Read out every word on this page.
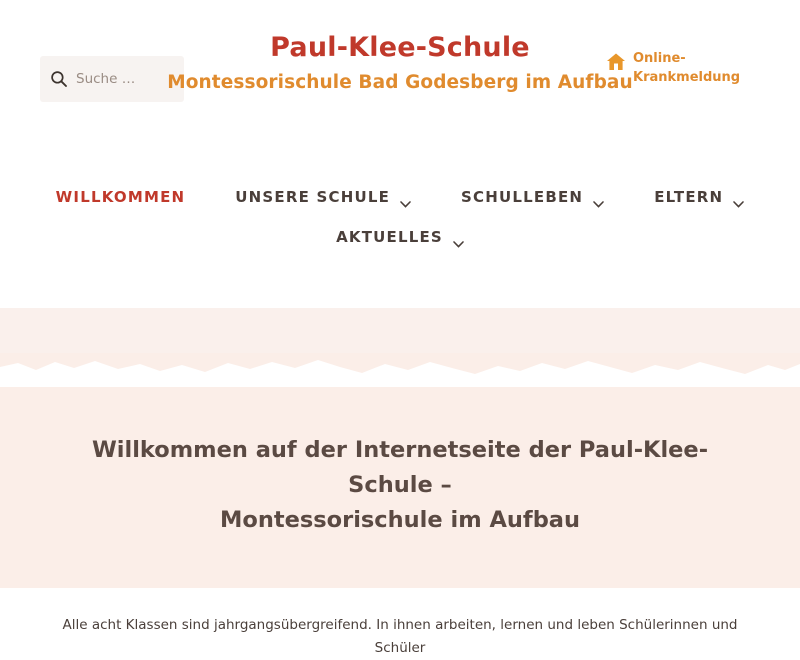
Suche …
Paul-Klee-Schule
Montessorischule Bad Godesberg im Aufbau
Online-Krankmeldung
WILLKOMMEN	UNSERE SCHULE	SCHULLEBEN	ELTERN
AKTUELLES
Willkommen auf der Internetseite der Paul-Klee-Schule –
Montessorischule im Aufbau

Alle acht Klassen sind jahrgangsübergreifend. In ihnen arbeiten, lernen und leben Schülerinnen und Schüler
